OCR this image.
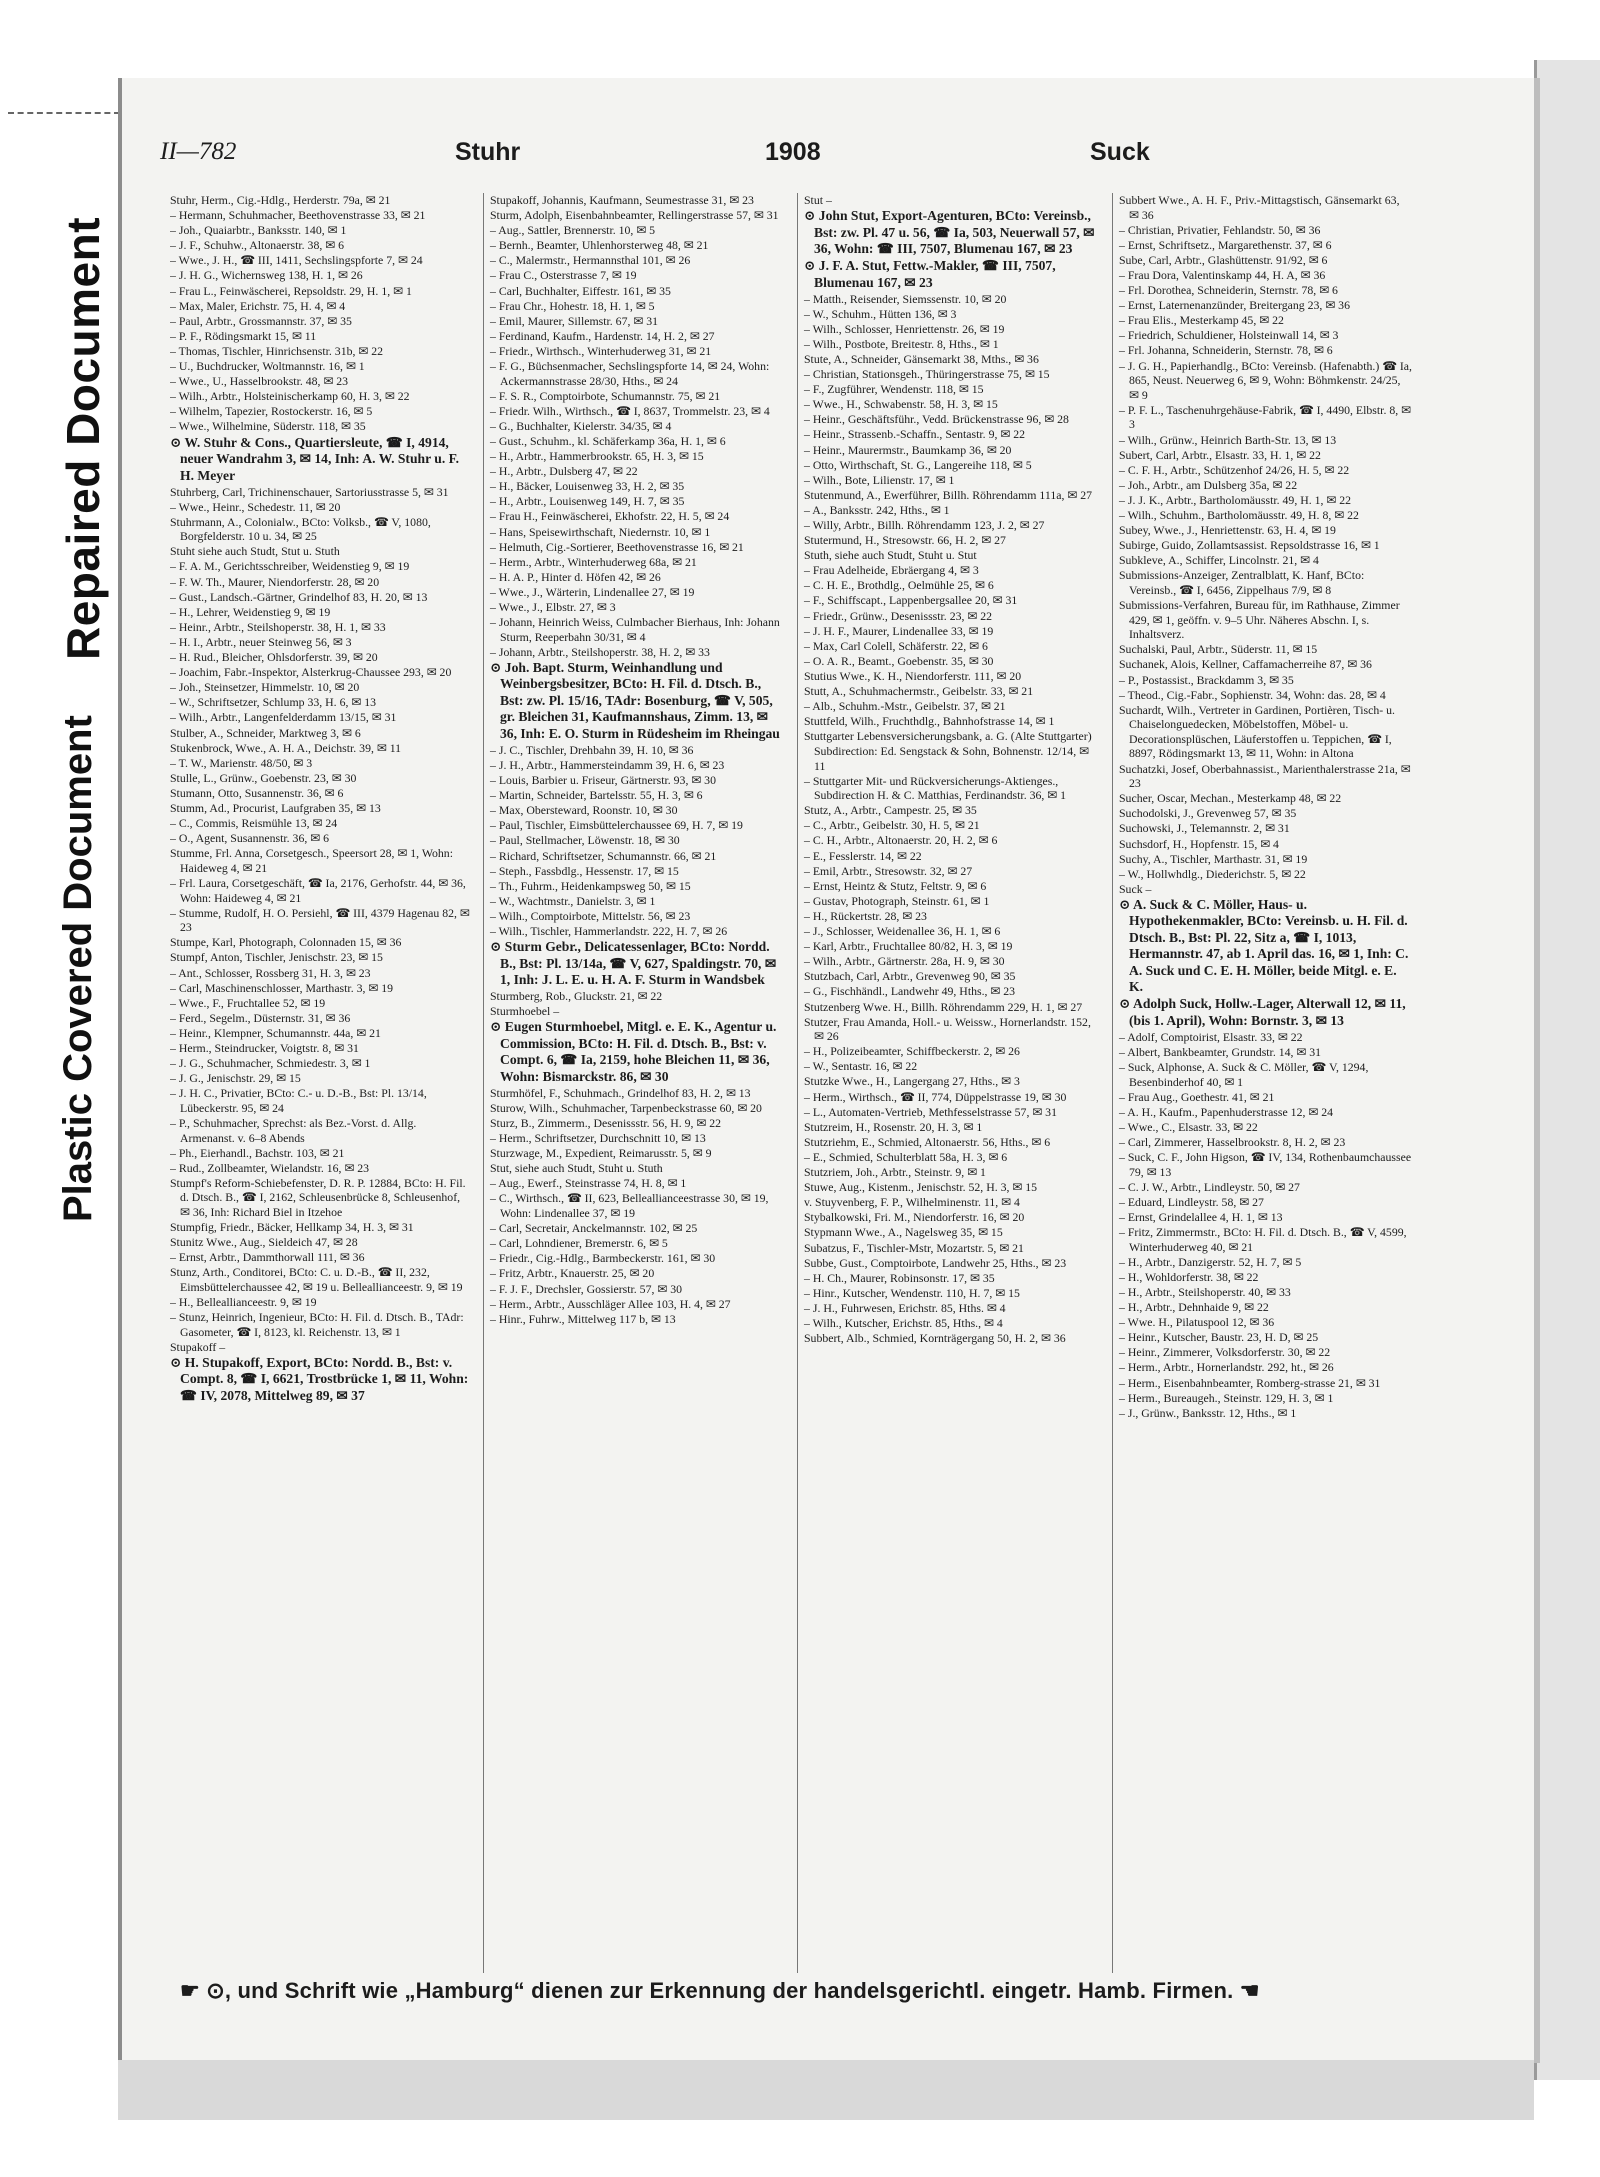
Repaired Document
Plastic Covered Document
II—782	Stuhr	1908	Suck
Stuhr, Herm., Cig.-Hdlg., Herderstr. 79a, ✉ 21
– Hermann, Schuhmacher, Beethovenstrasse 33, ✉ 21
– Joh., Quaiarbtr., Banksstr. 140, ✉ 1
– J. F., Schuhw., Altonaerstr. 38, ✉ 6
– Wwe., J. H., ☎ III, 1411, Sechslingspforte 7, ✉ 24
– J. H. G., Wichernsweg 138, H. 1, ✉ 26
– Frau L., Feinwäscherei, Repsoldstr. 29, H. 1, ✉ 1
– Max, Maler, Erichstr. 75, H. 4, ✉ 4
– Paul, Arbtr., Grossmannstr. 37, ✉ 35
– P. F., Rödingsmarkt 15, ✉ 11
– Thomas, Tischler, Hinrichsenstr. 31b, ✉ 22
– U., Buchdrucker, Woltmannstr. 16, ✉ 1
– Wwe., U., Hasselbrookstr. 48, ✉ 23
– Wilh., Arbtr., Holsteinischerkamp 60, H. 3, ✉ 22
– Wilhelm, Tapezier, Rostockerstr. 16, ✉ 5
– Wwe., Wilhelmine, Süderstr. 118, ✉ 35
⊙ W. Stuhr & Cons., Quartiersleute, ☎ I, 4914, neuer Wandrahm 3, ✉ 14, Inh: A. W. Stuhr u. F. H. Meyer
Stuhrberg, Carl, Trichinenschauer, Sartoriusstrasse 5, ✉ 31
– Wwe., Heinr., Schedestr. 11, ✉ 20
Stuhrmann, A., Colonialw., BCto: Volksb., ☎ V, 1080, Borgfelderstr. 10 u. 34, ✉ 25
Stuht siehe auch Studt, Stut u. Stuth
– F. A. M., Gerichtsschreiber, Weidenstieg 9, ✉ 19
– F. W. Th., Maurer, Niendorferstr. 28, ✉ 20
– Gust., Landsch.-Gärtner, Grindelhof 83, H. 20, ✉ 13
– H., Lehrer, Weidenstieg 9, ✉ 19
– Heinr., Arbtr., Steilshoperstr. 38, H. 1, ✉ 33
– H. I., Arbtr., neuer Steinweg 56, ✉ 3
– H. Rud., Bleicher, Ohlsdorferstr. 39, ✉ 20
– Joachim, Fabr.-Inspektor, Alsterkrug-Chaussee 293, ✉ 20
– Joh., Steinsetzer, Himmelstr. 10, ✉ 20
– W., Schriftsetzer, Schlump 33, H. 6, ✉ 13
– Wilh., Arbtr., Langenfelderdamm 13/15, ✉ 31
Stulber, A., Schneider, Marktweg 3, ✉ 6
Stukenbrock, Wwe., A. H. A., Deichstr. 39, ✉ 11
– T. W., Marienstr. 48/50, ✉ 3
Stulle, L., Grünw., Goebenstr. 23, ✉ 30
Stumann, Otto, Susannenstr. 36, ✉ 6
Stumm, Ad., Procurist, Laufgraben 35, ✉ 13
– C., Commis, Reismühle 13, ✉ 24
– O., Agent, Susannenstr. 36, ✉ 6
Stumme, Frl. Anna, Corsetgesch., Speersort 28, ✉ 1, Wohn: Haideweg 4, ✉ 21
– Frl. Laura, Corsetgeschäft, ☎ Ia, 2176, Gerhofstr. 44, ✉ 36, Wohn: Haideweg 4, ✉ 21
– Stumme, Rudolf, H. O. Persiehl, ☎ III, 4379 Hagenau 82, ✉ 23
Stumpe, Karl, Photograph, Colonnaden 15, ✉ 36
Stumpf, Anton, Tischler, Jenischstr. 23, ✉ 15
– Ant., Schlosser, Rossberg 31, H. 3, ✉ 23
– Carl, Maschinenschlosser, Marthastr. 3, ✉ 19
– Wwe., F., Fruchtallee 52, ✉ 19
– Ferd., Segelm., Düsternstr. 31, ✉ 36
– Heinr., Klempner, Schumannstr. 44a, ✉ 21
– Herm., Steindrucker, Voigtstr. 8, ✉ 31
– J. G., Schuhmacher, Schmiedestr. 3, ✉ 1
– J. G., Jenischstr. 29, ✉ 15
– J. H. C., Privatier, BCto: C.- u. D.-B., Bst: Pl. 13/14, Lübeckerstr. 95, ✉ 24
– P., Schuhmacher, Sprechst: als Bez.-Vorst. d. Allg. Armenanst. v. 6–8 Abends
– Ph., Eierhandl., Bachstr. 103, ✉ 21
– Rud., Zollbeamter, Wielandstr. 16, ✉ 23
Stumpf's Reform-Schiebefenster, D. R. P. 12884, BCto: H. Fil. d. Dtsch. B., ☎ I, 2162, Schleusenbrücke 8, Schleusenhof, ✉ 36, Inh: Richard Biel in Itzehoe
Stumpfig, Friedr., Bäcker, Hellkamp 34, H. 3, ✉ 31
Stunitz Wwe., Aug., Sieldeich 47, ✉ 28
– Ernst, Arbtr., Dammthorwall 111, ✉ 36
Stunz, Arth., Conditorei, BCto: C. u. D.-B., ☎ II, 232, Eimsbüttelerchaussee 42, ✉ 19 u. Belleallianceestr. 9, ✉ 19
– H., Belleallianceestr. 9, ✉ 19
– Stunz, Heinrich, Ingenieur, BCto: H. Fil. d. Dtsch. B., TAdr: Gasometer, ☎ I, 8123, kl. Reichenstr. 13, ✉ 1
Stupakoff –
⊙ H. Stupakoff, Export, BCto: Nordd. B., Bst: v. Compt. 8, ☎ I, 6621, Trostbrücke 1, ✉ 11, Wohn: ☎ IV, 2078, Mittelweg 89, ✉ 37
Stupakoff, Johannis, Kaufmann, Seumestrasse 31, ✉ 23
Sturm, Adolph, Eisenbahnbeamter, Rellingerstrasse 57, ✉ 31
– Aug., Sattler, Brennerstr. 10, ✉ 5
– Bernh., Beamter, Uhlenhorsterweg 48, ✉ 21
– C., Malermstr., Hermannsthal 101, ✉ 26
– Frau C., Osterstrasse 7, ✉ 19
– Carl, Buchhalter, Eiffestr. 161, ✉ 35
– Frau Chr., Hohestr. 18, H. 1, ✉ 5
– Emil, Maurer, Sillemstr. 67, ✉ 31
– Ferdinand, Kaufm., Hardenstr. 14, H. 2, ✉ 27
– Friedr., Wirthsch., Winterhuderweg 31, ✉ 21
– F. G., Büchsenmacher, Sechslingspforte 14, ✉ 24, Wohn: Ackermannstrasse 28/30, Hths., ✉ 24
– F. S. R., Comptoirbote, Schumannstr. 75, ✉ 21
– Friedr. Wilh., Wirthsch., ☎ I, 8637, Trommelstr. 23, ✉ 4
– G., Buchhalter, Kielerstr. 34/35, ✉ 4
– Gust., Schuhm., kl. Schäferkamp 36a, H. 1, ✉ 6
– H., Arbtr., Hammerbrookstr. 65, H. 3, ✉ 15
– H., Arbtr., Dulsberg 47, ✉ 22
– H., Bäcker, Louisenweg 33, H. 2, ✉ 35
– H., Arbtr., Louisenweg 149, H. 7, ✉ 35
– Frau H., Feinwäscherei, Ekhofstr. 22, H. 5, ✉ 24
– Hans, Speisewirthschaft, Niedernstr. 10, ✉ 1
– Helmuth, Cig.-Sortierer, Beethovenstrasse 16, ✉ 21
– Herm., Arbtr., Winterhuderweg 68a, ✉ 21
– H. A. P., Hinter d. Höfen 42, ✉ 26
– Wwe., J., Wärterin, Lindenallee 27, ✉ 19
– Wwe., J., Elbstr. 27, ✉ 3
– Johann, Heinrich Weiss, Culmbacher Bierhaus, Inh: Johann Sturm, Reeperbahn 30/31, ✉ 4
– Johann, Arbtr., Steilshoperstr. 38, H. 2, ✉ 33
⊙ Joh. Bapt. Sturm, Weinhandlung und Weinbergsbesitzer, BCto: H. Fil. d. Dtsch. B., Bst: zw. Pl. 15/16, TAdr: Bosenburg, ☎ V, 505, gr. Bleichen 31, Kaufmannshaus, Zimm. 13, ✉ 36, Inh: E. O. Sturm in Rüdesheim im Rheingau
– J. C., Tischler, Drehbahn 39, H. 10, ✉ 36
– J. H., Arbtr., Hammersteindamm 39, H. 6, ✉ 23
– Louis, Barbier u. Friseur, Gärtnerstr. 93, ✉ 30
– Martin, Schneider, Bartelsstr. 55, H. 3, ✉ 6
– Max, Obersteward, Roonstr. 10, ✉ 30
– Paul, Tischler, Eimsbüttelerchaussee 69, H. 7, ✉ 19
– Paul, Stellmacher, Löwenstr. 18, ✉ 30
– Richard, Schriftsetzer, Schumannstr. 66, ✉ 21
– Steph., Fassbdlg., Hessenstr. 17, ✉ 15
– Th., Fuhrm., Heidenkampsweg 50, ✉ 15
– W., Wachtmstr., Danielstr. 3, ✉ 1
– Wilh., Comptoirbote, Mittelstr. 56, ✉ 23
– Wilh., Tischler, Hammerlandstr. 222, H. 7, ✉ 26
⊙ Sturm Gebr., Delicatessenlager, BCto: Nordd. B., Bst: Pl. 13/14a, ☎ V, 627, Spaldingstr. 70, ✉ 1, Inh: J. L. E. u. H. A. F. Sturm in Wandsbek
Sturmberg, Rob., Gluckstr. 21, ✉ 22
Sturmhoebel –
⊙ Eugen Sturmhoebel, Mitgl. e. E. K., Agentur u. Commission, BCto: H. Fil. d. Dtsch. B., Bst: v. Compt. 6, ☎ Ia, 2159, hohe Bleichen 11, ✉ 36, Wohn: Bismarckstr. 86, ✉ 30
Sturmhöfel, F., Schuhmach., Grindelhof 83, H. 2, ✉ 13
Sturow, Wilh., Schuhmacher, Tarpenbeckstrasse 60, ✉ 20
Sturz, B., Zimmerm., Desenissstr. 56, H. 9, ✉ 22
– Herm., Schriftsetzer, Durchschnitt 10, ✉ 13
Sturzwage, M., Expedient, Reimarusstr. 5, ✉ 9
Stut, siehe auch Studt, Stuht u. Stuth
– Aug., Ewerf., Steinstrasse 74, H. 8, ✉ 1
– C., Wirthsch., ☎ II, 623, Belleallianceestrasse 30, ✉ 19, Wohn: Lindenallee 37, ✉ 19
– Carl, Secretair, Anckelmannstr. 102, ✉ 25
– Carl, Lohndiener, Bremerstr. 6, ✉ 5
– Friedr., Cig.-Hdlg., Barmbeckerstr. 161, ✉ 30
– Fritz, Arbtr., Knauerstr. 25, ✉ 20
– F. J. F., Drechsler, Gossierstr. 57, ✉ 30
– Herm., Arbtr., Ausschläger Allee 103, H. 4, ✉ 27
– Hinr., Fuhrw., Mittelweg 117 b, ✉ 13
Stut –
⊙ John Stut, Export-Agenturen, BCto: Vereinsb., Bst: zw. Pl. 47 u. 56, ☎ Ia, 503, Neuerwall 57, ✉ 36, Wohn: ☎ III, 7507, Blumenau 167, ✉ 23
⊙ J. F. A. Stut, Fettw.-Makler, ☎ III, 7507, Blumenau 167, ✉ 23
– Matth., Reisender, Siemssenstr. 10, ✉ 20
– W., Schuhm., Hütten 136, ✉ 3
– Wilh., Schlosser, Henriettenstr. 26, ✉ 19
– Wilh., Postbote, Breitestr. 8, Hths., ✉ 1
Stute, A., Schneider, Gänsemarkt 38, Mths., ✉ 36
– Christian, Stationsgeh., Thüringerstrasse 75, ✉ 15
– F., Zugführer, Wendenstr. 118, ✉ 15
– Wwe., H., Schwabenstr. 58, H. 3, ✉ 15
– Heinr., Geschäftsführ., Vedd. Brückenstrasse 96, ✉ 28
– Heinr., Strassenb.-Schaffn., Sentastr. 9, ✉ 22
– Heinr., Maurermstr., Baumkamp 36, ✉ 20
– Otto, Wirthschaft, St. G., Langereihe 118, ✉ 5
– Wilh., Bote, Lilienstr. 17, ✉ 1
Stutenmund, A., Ewerführer, Billh. Röhrendamm 111a, ✉ 27
– A., Banksstr. 242, Hths., ✉ 1
– Willy, Arbtr., Billh. Röhrendamm 123, J. 2, ✉ 27
Stutermund, H., Stresowstr. 66, H. 2, ✉ 27
Stuth, siehe auch Studt, Stuht u. Stut
– Frau Adelheide, Ebräergang 4, ✉ 3
– C. H. E., Brothdlg., Oelmühle 25, ✉ 6
– F., Schiffscapt., Lappenbergsallee 20, ✉ 31
– Friedr., Grünw., Desenissstr. 23, ✉ 22
– J. H. F., Maurer, Lindenallee 33, ✉ 19
– Max, Carl Colell, Schäferstr. 22, ✉ 6
– O. A. R., Beamt., Goebenstr. 35, ✉ 30
Stutius Wwe., K. H., Niendorferstr. 111, ✉ 20
Stutt, A., Schuhmachermstr., Geibelstr. 33, ✉ 21
– Alb., Schuhm.-Mstr., Geibelstr. 37, ✉ 21
Stuttfeld, Wilh., Fruchthdlg., Bahnhofstrasse 14, ✉ 1
Stuttgarter Lebensversicherungsbank, a. G. (Alte Stuttgarter) Subdirection: Ed. Sengstack & Sohn, Bohnenstr. 12/14, ✉ 11
– Stuttgarter Mit- und Rückversicherungs-Aktienges., Subdirection H. & C. Matthias, Ferdinandstr. 36, ✉ 1
Stutz, A., Arbtr., Campestr. 25, ✉ 35
– C., Arbtr., Geibelstr. 30, H. 5, ✉ 21
– C. H., Arbtr., Altonaerstr. 20, H. 2, ✉ 6
– E., Fesslerstr. 14, ✉ 22
– Emil, Arbtr., Stresowstr. 32, ✉ 27
– Ernst, Heintz & Stutz, Feltstr. 9, ✉ 6
– Gustav, Photograph, Steinstr. 61, ✉ 1
– H., Rückertstr. 28, ✉ 23
– J., Schlosser, Weidenallee 36, H. 1, ✉ 6
– Karl, Arbtr., Fruchtallee 80/82, H. 3, ✉ 19
– Wilh., Arbtr., Gärtnerstr. 28a, H. 9, ✉ 30
Stutzbach, Carl, Arbtr., Grevenweg 90, ✉ 35
– G., Fischhändl., Landwehr 49, Hths., ✉ 23
Stutzenberg Wwe. H., Billh. Röhrendamm 229, H. 1, ✉ 27
Stutzer, Frau Amanda, Holl.- u. Weissw., Hornerlandstr. 152, ✉ 26
– H., Polizeibeamter, Schiffbeckerstr. 2, ✉ 26
– W., Sentastr. 16, ✉ 22
Stutzke Wwe., H., Langergang 27, Hths., ✉ 3
– Herm., Wirthsch., ☎ II, 774, Düppelstrasse 19, ✉ 30
– L., Automaten-Vertrieb, Methfesselstrasse 57, ✉ 31
Stutzreim, H., Rosenstr. 20, H. 3, ✉ 1
Stutzriehm, E., Schmied, Altonaerstr. 56, Hths., ✉ 6
– E., Schmied, Schulterblatt 58a, H. 3, ✉ 6
Stutzriem, Joh., Arbtr., Steinstr. 9, ✉ 1
Stuwe, Aug., Kistenm., Jenischstr. 52, H. 3, ✉ 15
v. Stuyvenberg, F. P., Wilhelminenstr. 11, ✉ 4
Stybalkowski, Fri. M., Niendorferstr. 16, ✉ 20
Stypmann Wwe., A., Nagelsweg 35, ✉ 15
Subatzus, F., Tischler-Mstr, Mozartstr. 5, ✉ 21
Subbe, Gust., Comptoirbote, Landwehr 25, Hths., ✉ 23
– H. Ch., Maurer, Robinsonstr. 17, ✉ 35
– Hinr., Kutscher, Wendenstr. 110, H. 7, ✉ 15
– J. H., Fuhrwesen, Erichstr. 85, Hths. ✉ 4
– Wilh., Kutscher, Erichstr. 85, Hths., ✉ 4
Subbert, Alb., Schmied, Kornträgergang 50, H. 2, ✉ 36
Subbert Wwe., A. H. F., Priv.-Mittagstisch, Gänsemarkt 63, ✉ 36
– Christian, Privatier, Fehlandstr. 50, ✉ 36
– Ernst, Schriftsetz., Margarethenstr. 37, ✉ 6
Sube, Carl, Arbtr., Glashüttenstr. 91/92, ✉ 6
– Frau Dora, Valentinskamp 44, H. A, ✉ 36
– Frl. Dorothea, Schneiderin, Sternstr. 78, ✉ 6
– Ernst, Laternenanzünder, Breitergang 23, ✉ 36
– Frau Elis., Mesterkamp 45, ✉ 22
– Friedrich, Schuldiener, Holsteinwall 14, ✉ 3
– Frl. Johanna, Schneiderin, Sternstr. 78, ✉ 6
– J. G. H., Papierhandlg., BCto: Vereinsb. (Hafenabth.) ☎ Ia, 865, Neust. Neuerweg 6, ✉ 9, Wohn: Böhmkenstr. 24/25, ✉ 9
– P. F. L., Taschenuhrgehäuse-Fabrik, ☎ I, 4490, Elbstr. 8, ✉ 3
– Wilh., Grünw., Heinrich Barth-Str. 13, ✉ 13
Subert, Carl, Arbtr., Elsastr. 33, H. 1, ✉ 22
– C. F. H., Arbtr., Schützenhof 24/26, H. 5, ✉ 22
– Joh., Arbtr., am Dulsberg 35a, ✉ 22
– J. J. K., Arbtr., Bartholomäusstr. 49, H. 1, ✉ 22
– Wilh., Schuhm., Bartholomäusstr. 49, H. 8, ✉ 22
Subey, Wwe., J., Henriettenstr. 63, H. 4, ✉ 19
Subirge, Guido, Zollamtsassist. Repsoldstrasse 16, ✉ 1
Subkleve, A., Schiffer, Lincolnstr. 21, ✉ 4
Submissions-Anzeiger, Zentralblatt, K. Hanf, BCto: Vereinsb., ☎ I, 6456, Zippelhaus 7/9, ✉ 8
Submissions-Verfahren, Bureau für, im Rathhause, Zimmer 429, ✉ 1, geöffn. v. 9–5 Uhr. Näheres Abschn. I, s. Inhaltsverz.
Suchalski, Paul, Arbtr., Süderstr. 11, ✉ 15
Suchanek, Alois, Kellner, Caffamacherreihe 87, ✉ 36
– P., Postassist., Brackdamm 3, ✉ 35
– Theod., Cig.-Fabr., Sophienstr. 34, Wohn: das. 28, ✉ 4
Suchardt, Wilh., Vertreter in Gardinen, Portièren, Tisch- u. Chaiselonguedecken, Möbelstoffen, Möbel- u. Decorationsplüschen, Läuferstoffen u. Teppichen, ☎ I, 8897, Rödingsmarkt 13, ✉ 11, Wohn: in Altona
Suchatzki, Josef, Oberbahnassist., Marienthalerstrasse 21a, ✉ 23
Sucher, Oscar, Mechan., Mesterkamp 48, ✉ 22
Suchodolski, J., Grevenweg 57, ✉ 35
Suchowski, J., Telemannstr. 2, ✉ 31
Suchsdorf, H., Hopfenstr. 15, ✉ 4
Suchy, A., Tischler, Marthastr. 31, ✉ 19
– W., Hollwhdlg., Diederichstr. 5, ✉ 22
Suck –
⊙ A. Suck & C. Möller, Haus- u. Hypothekenmakler, BCto: Vereinsb. u. H. Fil. d. Dtsch. B., Bst: Pl. 22, Sitz a, ☎ I, 1013, Hermannstr. 47, ab 1. April das. 16, ✉ 1, Inh: C. A. Suck und C. E. H. Möller, beide Mitgl. e. E. K.
⊙ Adolph Suck, Hollw.-Lager, Alterwall 12, ✉ 11, (bis 1. April), Wohn: Bornstr. 3, ✉ 13
– Adolf, Comptoirist, Elsastr. 33, ✉ 22
– Albert, Bankbeamter, Grundstr. 14, ✉ 31
– Suck, Alphonse, A. Suck & C. Möller, ☎ V, 1294, Besenbinderhof 40, ✉ 1
– Frau Aug., Goethestr. 41, ✉ 21
– A. H., Kaufm., Papenhuderstrasse 12, ✉ 24
– Wwe., C., Elsastr. 33, ✉ 22
– Carl, Zimmerer, Hasselbrookstr. 8, H. 2, ✉ 23
– Suck, C. F., John Higson, ☎ IV, 134, Rothenbaumchaussee 79, ✉ 13
– C. J. W., Arbtr., Lindleystr. 50, ✉ 27
– Eduard, Lindleystr. 58, ✉ 27
– Ernst, Grindelallee 4, H. 1, ✉ 13
– Fritz, Zimmermstr., BCto: H. Fil. d. Dtsch. B., ☎ V, 4599, Winterhuderweg 40, ✉ 21
– H., Arbtr., Danzigerstr. 52, H. 7, ✉ 5
– H., Wohldorferstr. 38, ✉ 22
– H., Arbtr., Steilshoperstr. 40, ✉ 33
– H., Arbtr., Dehnhaide 9, ✉ 22
– Wwe. H., Pilatuspool 12, ✉ 36
– Heinr., Kutscher, Baustr. 23, H. D, ✉ 25
– Heinr., Zimmerer, Volksdorferstr. 30, ✉ 22
– Herm., Arbtr., Hornerlandstr. 292, ht., ✉ 26
– Herm., Eisenbahnbeamter, Romberg-strasse 21, ✉ 31
– Herm., Bureaugeh., Steinstr. 129, H. 3, ✉ 1
– J., Grünw., Banksstr. 12, Hths., ✉ 1
☛ ⊙, und Schrift wie „Hamburg“ dienen zur Erkennung der handelsgerichtl. eingetr. Hamb. Firmen. ☚
